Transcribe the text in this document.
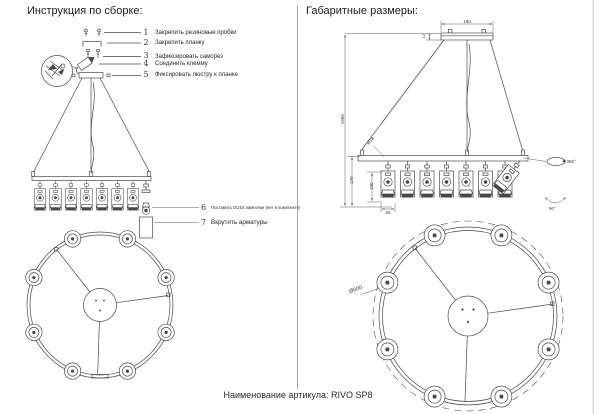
Инструкция по сборке:	Габаритные размеры:
1 Закрепить резиновые пробки
2 Закрепить планку
3 Зафиксировать саморез
4 Соединить клемму
5 Фиксировать люстру к планке
6 Поставить GU10 лампочки (нет в комплекте)
7 Вкрутить арматуры
180
12
1960
170
100
55
Ø18
355°
90°
Ø800
Наименование артикула: RIVO SP8
